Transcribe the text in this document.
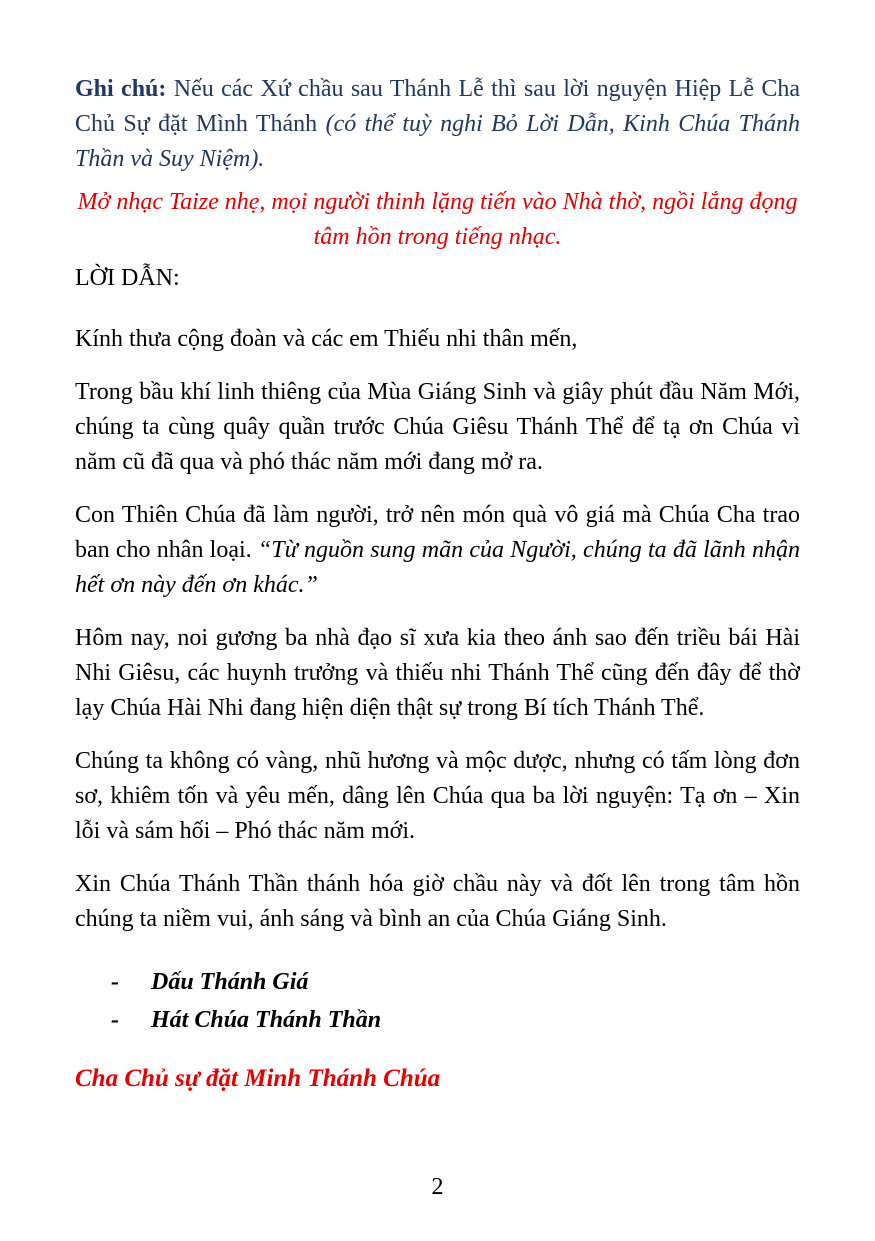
Ghi chú: Nếu các Xứ chầu sau Thánh Lễ thì sau lời nguyện Hiệp Lễ Cha Chủ Sự đặt Mình Thánh (có thể tuỳ nghi Bỏ Lời Dẫn, Kinh Chúa Thánh Thần và Suy Niệm).

Mở nhạc Taize nhẹ, mọi người thinh lặng tiến vào Nhà thờ, ngồi lắng đọng tâm hồn trong tiếng nhạc.

LỜI DẪN:

Kính thưa cộng đoàn và các em Thiếu nhi thân mến,

Trong bầu khí linh thiêng của Mùa Giáng Sinh và giây phút đầu Năm Mới, chúng ta cùng quây quần trước Chúa Giêsu Thánh Thể để tạ ơn Chúa vì năm cũ đã qua và phó thác năm mới đang mở ra.

Con Thiên Chúa đã làm người, trở nên món quà vô giá mà Chúa Cha trao ban cho nhân loại. “Từ nguồn sung mãn của Người, chúng ta đã lãnh nhận hết ơn này đến ơn khác.”

Hôm nay, noi gương ba nhà đạo sĩ xưa kia theo ánh sao đến triều bái Hài Nhi Giêsu, các huynh trưởng và thiếu nhi Thánh Thể cũng đến đây để thờ lạy Chúa Hài Nhi đang hiện diện thật sự trong Bí tích Thánh Thể.

Chúng ta không có vàng, nhũ hương và mộc dược, nhưng có tấm lòng đơn sơ, khiêm tốn và yêu mến, dâng lên Chúa qua ba lời nguyện: Tạ ơn – Xin lỗi và sám hối – Phó thác năm mới.

Xin Chúa Thánh Thần thánh hóa giờ chầu này và đốt lên trong tâm hồn chúng ta niềm vui, ánh sáng và bình an của Chúa Giáng Sinh.

-	Dấu Thánh Giá
-	Hát Chúa Thánh Thần

Cha Chủ sự đặt Minh Thánh Chúa

2
